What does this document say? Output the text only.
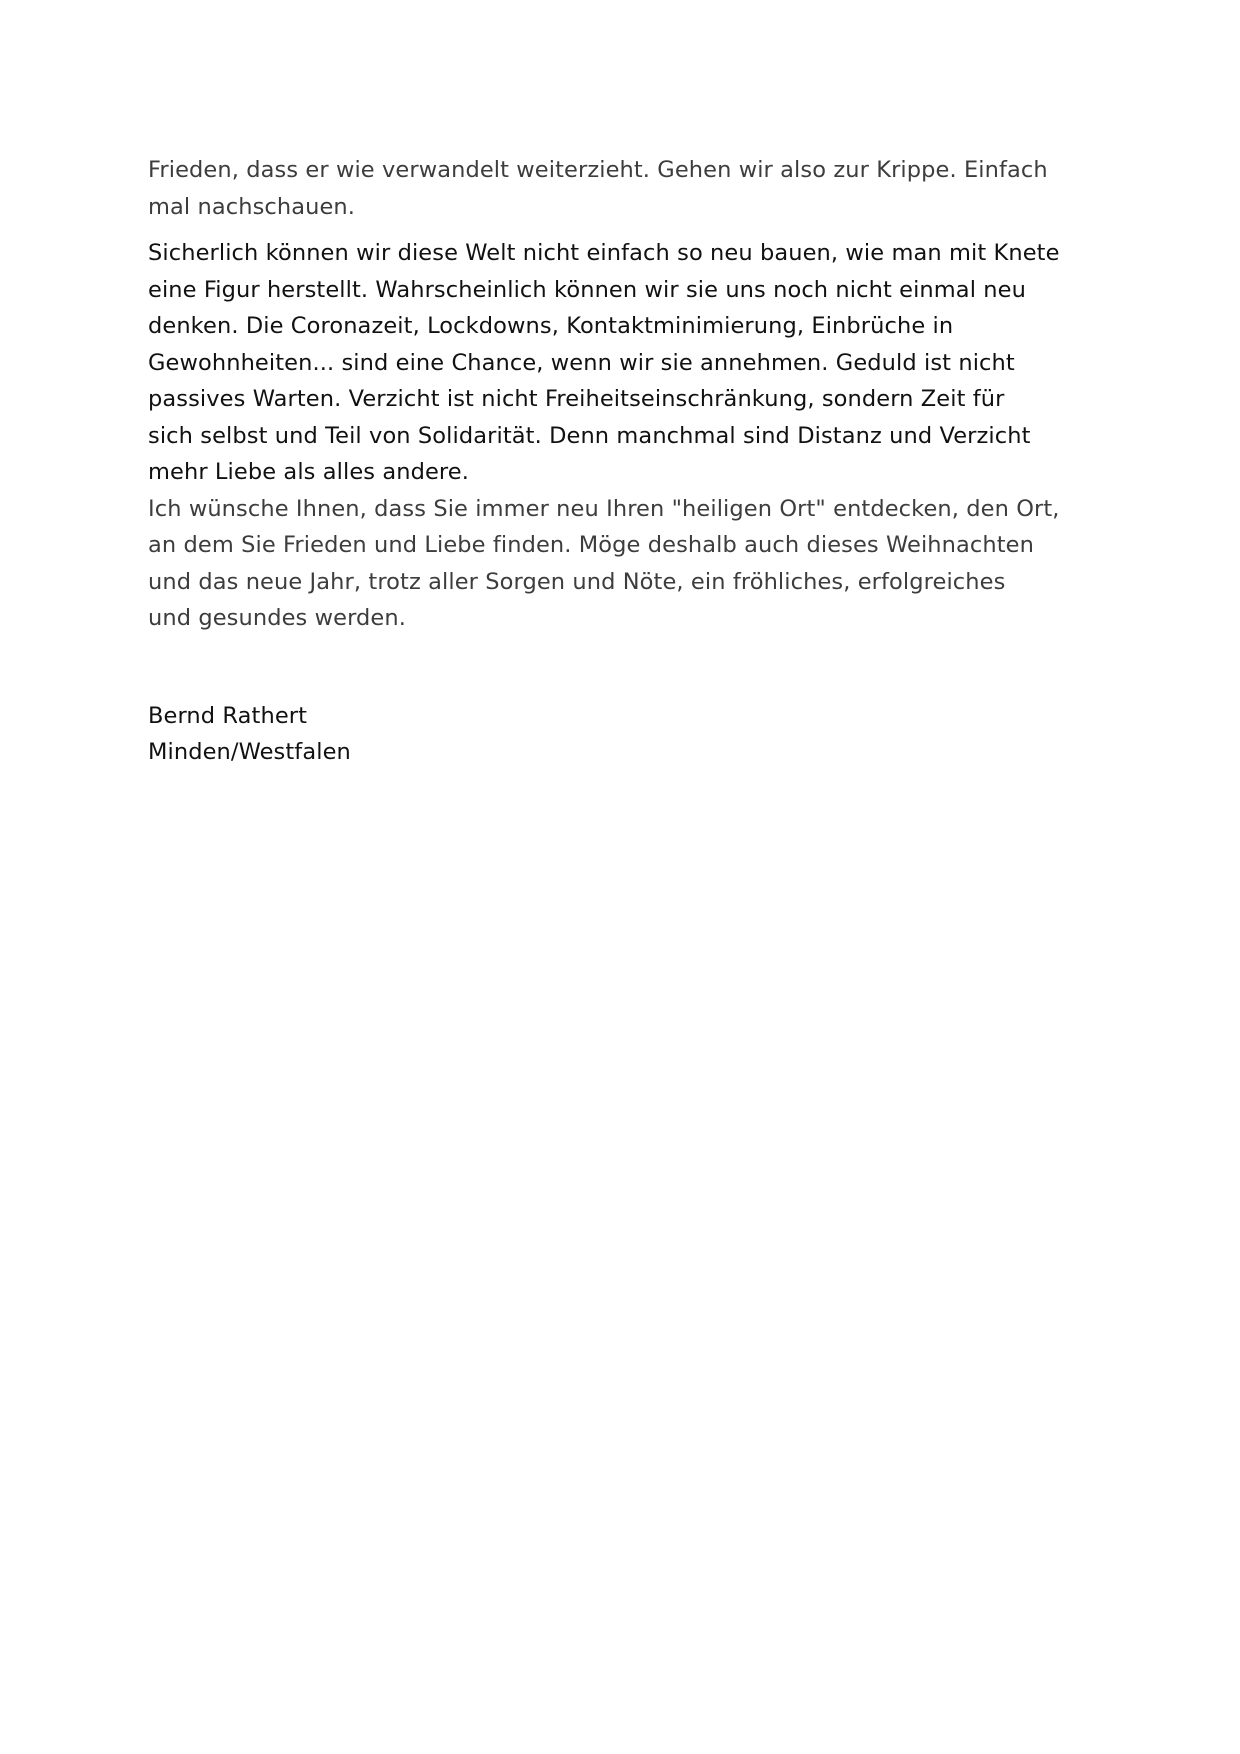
Frieden, dass er wie verwandelt weiterzieht. Gehen wir also zur Krippe. Einfach
mal nachschauen.

Sicherlich können wir diese Welt nicht einfach so neu bauen, wie man mit Knete
eine Figur herstellt. Wahrscheinlich können wir sie uns noch nicht einmal neu
denken. Die Coronazeit, Lockdowns, Kontaktminimierung, Einbrüche in
Gewohnheiten... sind eine Chance, wenn wir sie annehmen. Geduld ist nicht
passives Warten. Verzicht ist nicht Freiheitseinschränkung, sondern Zeit für
sich selbst und Teil von Solidarität. Denn manchmal sind Distanz und Verzicht
mehr Liebe als alles andere.

Ich wünsche Ihnen, dass Sie immer neu Ihren "heiligen Ort" entdecken, den Ort,
an dem Sie Frieden und Liebe finden. Möge deshalb auch dieses Weihnachten
und das neue Jahr, trotz aller Sorgen und Nöte, ein fröhliches, erfolgreiches
und gesundes werden.

Bernd Rathert
Minden/Westfalen
